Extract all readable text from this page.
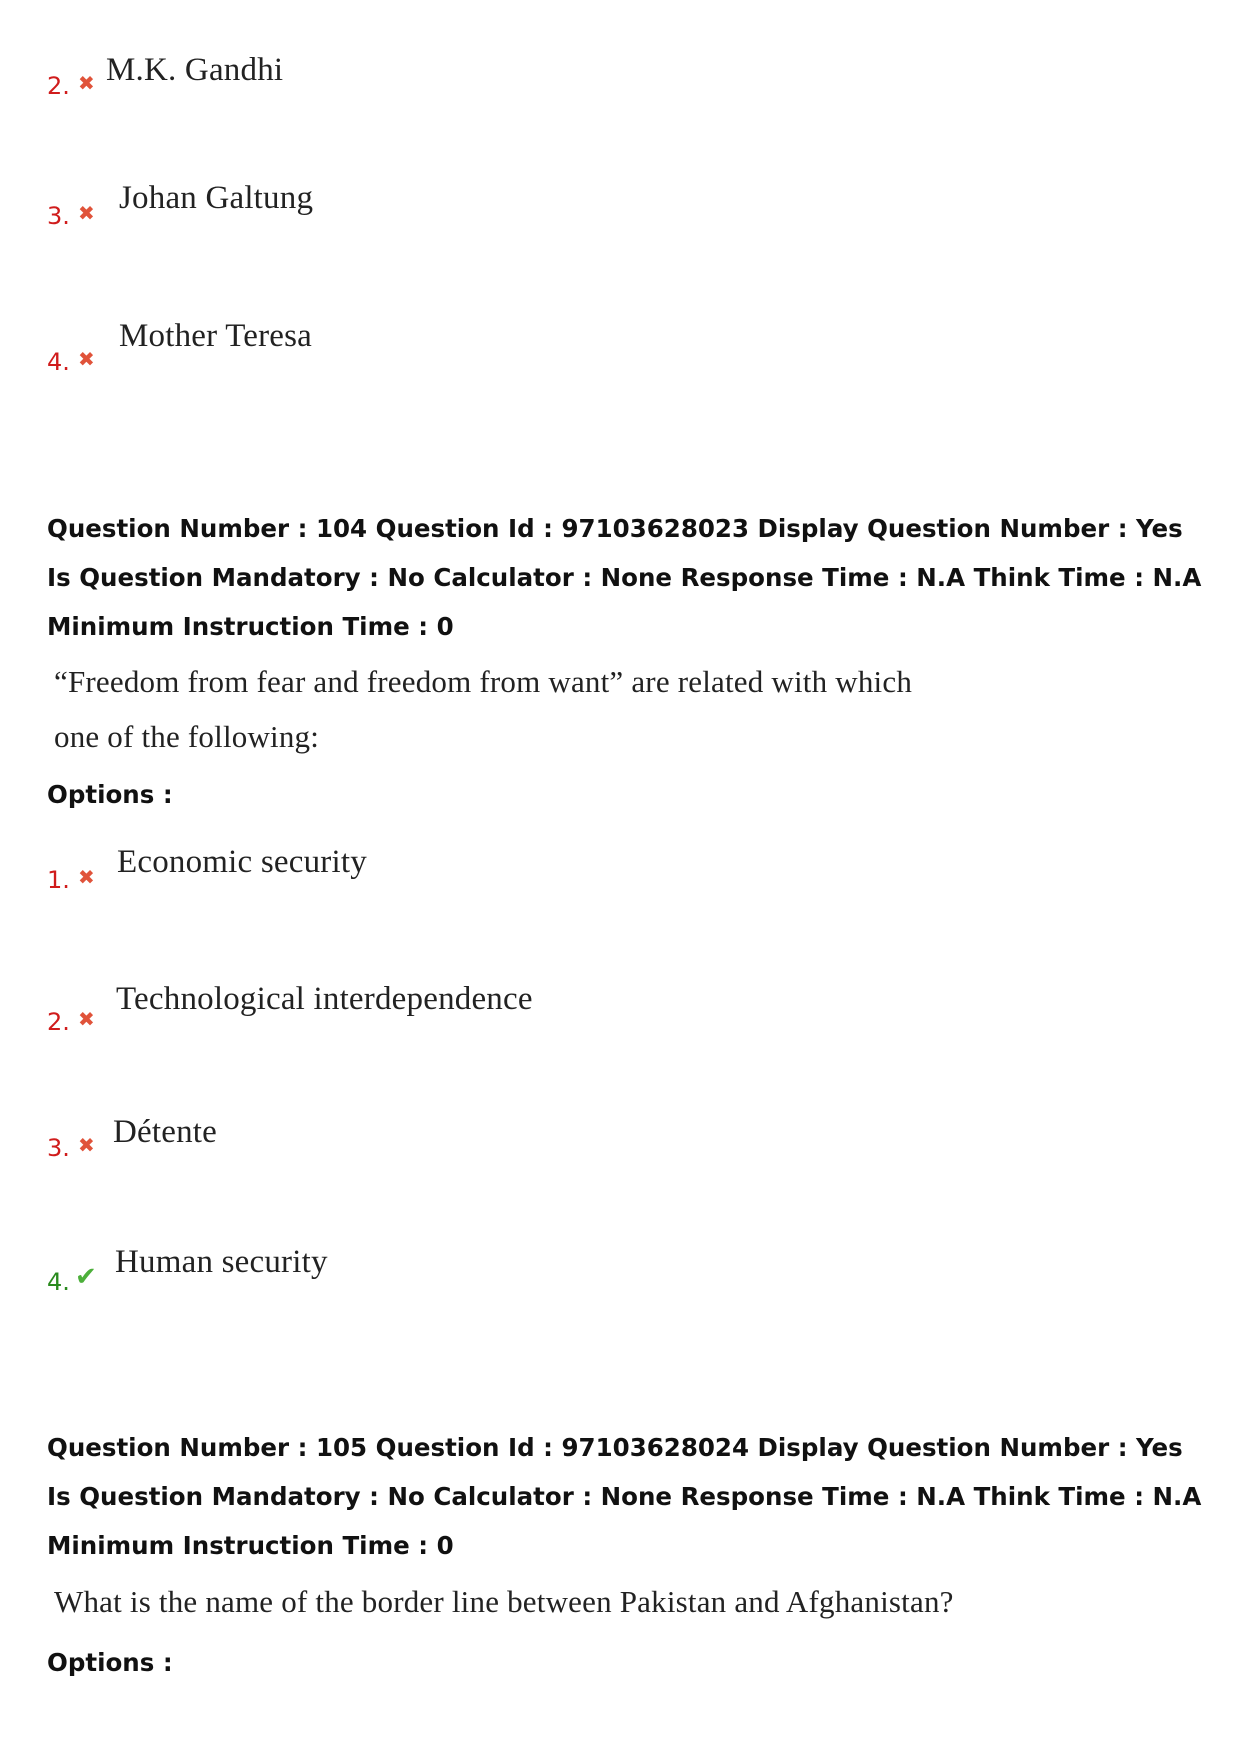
2. ✖ M.K. Gandhi
3. ✖ Johan Galtung
4. ✖
Mother Teresa
Question Number : 104 Question Id : 97103628023 Display Question Number : Yes Is Question Mandatory : No Calculator : None Response Time : N.A Think Time : N.A Minimum Instruction Time : 0
“Freedom from fear and freedom from want” are related with which one of the following:
Options :
1. ✖ Economic security
2. ✖
Technological interdependence
3. ✖ Détente
4. ✔ Human security
Question Number : 105 Question Id : 97103628024 Display Question Number : Yes Is Question Mandatory : No Calculator : None Response Time : N.A Think Time : N.A Minimum Instruction Time : 0
What is the name of the border line between Pakistan and Afghanistan?
Options :
